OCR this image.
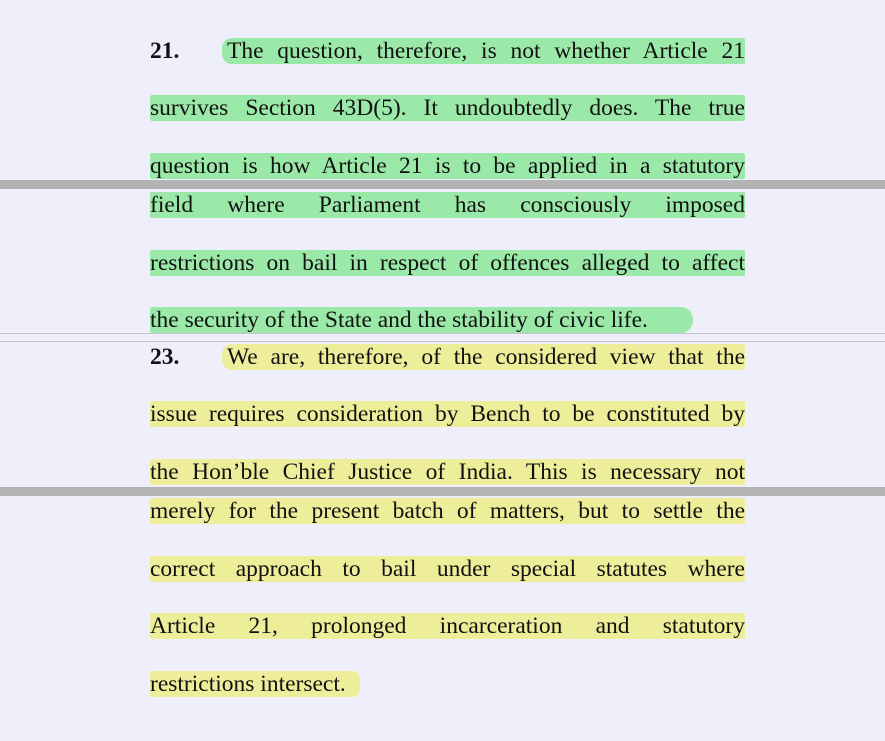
21. The question, therefore, is not whether Article 21
survives Section 43D(5). It undoubtedly does. The true
question is how Article 21 is to be applied in a statutory
field where Parliament has consciously imposed
restrictions on bail in respect of offences alleged to affect
the security of the State and the stability of civic life.
23. We are, therefore, of the considered view that the
issue requires consideration by Bench to be constituted by
the Hon’ble Chief Justice of India. This is necessary not
merely for the present batch of matters, but to settle the
correct approach to bail under special statutes where
Article 21, prolonged incarceration and statutory
restrictions intersect.
